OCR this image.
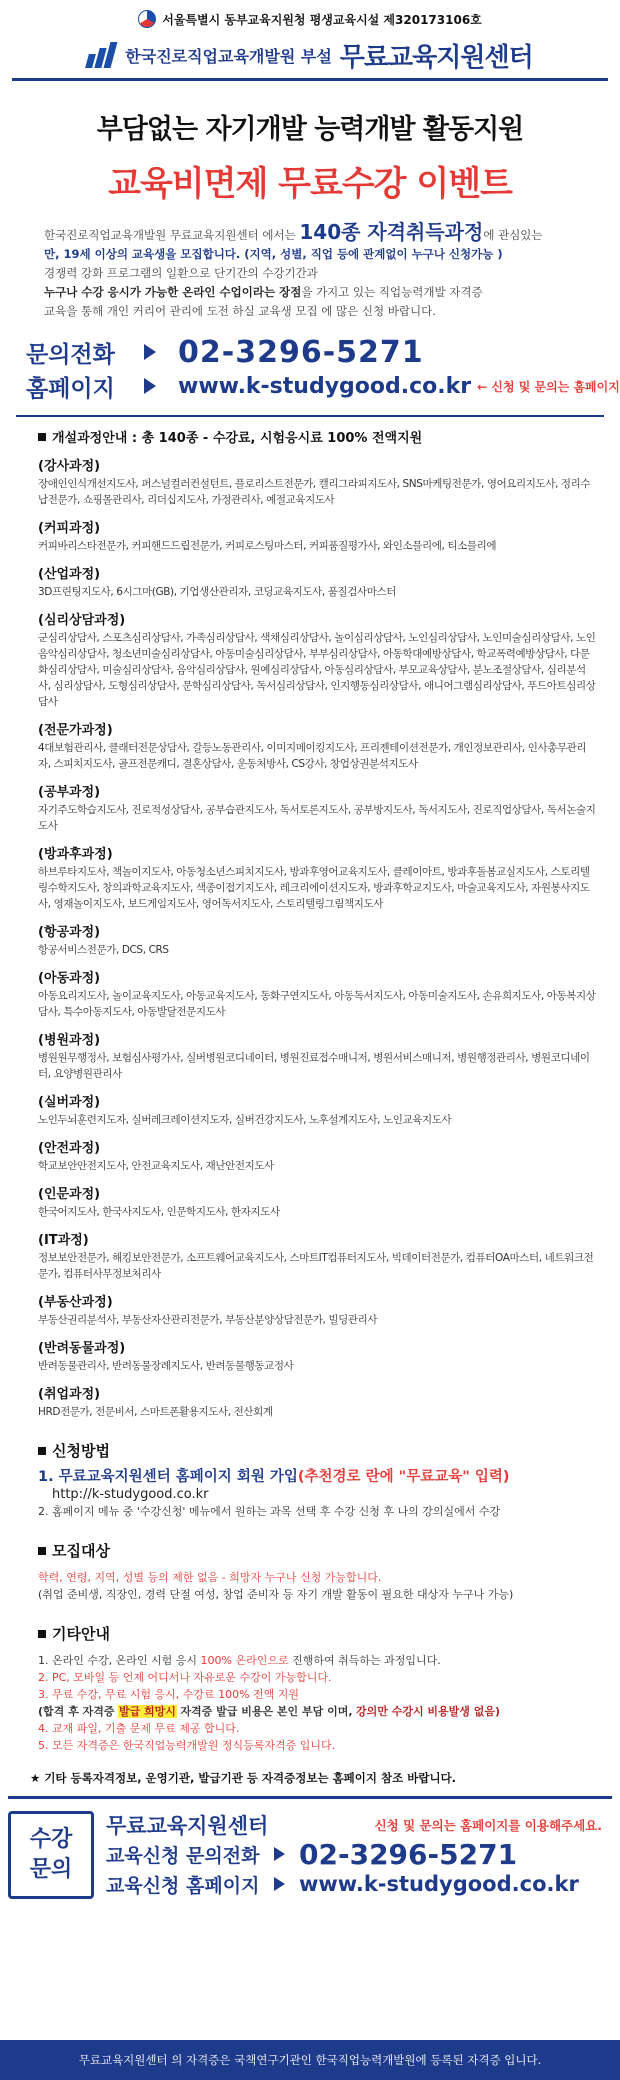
서울특별시 동부교육지원청 평생교육시설 제320173106호
한국진로직업교육개발원 부설 무료교육지원센터
부담없는 자기개발 능력개발 활동지원
교육비면제 무료수강 이벤트
한국진로직업교육개발원 무료교육지원센터 에서는 140종 자격취득과정에 관심있는
만, 19세 이상의 교육생을 모집합니다. (지역, 성별, 직업 등에 관계없이 누구나 신청가능 )
경쟁력 강화 프로그램의 일환으로 단기간의 수강기간과
누구나 수강 응시가 가능한 온라인 수업이라는 장점을 가지고 있는 직업능력개발 자격증
교육을 통해 개인 커리어 관리에 도전 하실 교육생 모집 에 많은 신청 바랍니다.
문의전화	02-3296-5271
홈페이지	www.k-studygood.co.kr ← 신청 및 문의는 홈페이지
개설과정안내 : 총 140종 - 수강료, 시험응시료 100% 전액지원
(강사과정)
장애인인식개선지도사, 퍼스널컬러컨설턴트, 플로리스트전문가, 캘리그라피지도사, SNS마케팅전문가, 영어요리지도사, 정리수납전문가, 쇼핑몰관리사, 리더십지도사, 가정관리사, 예절교육지도사
(커피과정)
커피바리스타전문가, 커피핸드드립전문가, 커피로스팅마스터, 커피품질평가사, 와인소믈리에, 티소믈리에
(산업과정)
3D프린팅지도사, 6시그마(GB), 기업생산관리자, 코딩교육지도사, 품질검사마스터
(심리상담과정)
군심리상담사, 스포츠심리상담사, 가족심리상담사, 색채심리상담사, 놀이심리상담사, 노인심리상담사, 노인미술심리상담사, 노인음악심리상담사, 청소년미술심리상담사, 아동미술심리상담사, 부부심리상담사, 아동학대예방상담사, 학교폭력예방상담사, 다문화심리상담사, 미술심리상담사, 음악심리상담사, 원예심리상담사, 아동심리상담사, 부모교육상담사, 분노조절상담사, 심리분석사, 심리상담사, 도형심리상담사, 문학심리상담사, 독서심리상담사, 인지행동심리상담사, 애니어그램심리상담사, 푸드아트심리상담사
(전문가과정)
4대보험관리사, 클래터전문상담사, 갈등노동관리사, 이미지메이킹지도사, 프리젠테이션전문가, 개인정보관리사, 인사총무관리자, 스피치지도사, 골프전문캐디, 결혼상담사, 운동처방사, CS강사, 창업상권분석지도사
(공부과정)
자기주도학습지도사, 진로적성상담사, 공부습관지도사, 독서토론지도사, 공부방지도사, 독서지도사, 진로직업상담사, 독서논술지도사
(방과후과정)
하브루타지도사, 책놀이지도사, 아동청소년스피치지도사, 방과후영어교육지도사, 클레이아트, 방과후돌봄교실지도사, 스토리텔링수학지도사, 창의과학교육지도사, 색종이접기지도사, 레크리에이션지도자, 방과후학교지도사, 마술교육지도사, 자원봉사지도사, 영재놀이지도사, 보드게임지도사, 영어독서지도사, 스토리텔링그림책지도사
(항공과정)
항공서비스전문가, DCS, CRS
(아동과정)
아동요리지도사, 놀이교육지도사, 아동교육지도사, 동화구연지도사, 아동독서지도사, 아동미술지도사, 손유희지도사, 아동복지상담사, 특수아동지도사, 아동발달전문지도사
(병원과정)
병원원무행정사, 보험심사평가사, 실버병원코디네이터, 병원진료접수매니저, 병원서비스매니저, 병원행정관리사, 병원코디네이터, 요양병원관리사
(실버과정)
노인두뇌훈련지도자, 실버레크레이션지도자, 실버건강지도사, 노후설계지도사, 노인교육지도사
(안전과정)
학교보안안전지도사, 안전교육지도사, 재난안전지도사
(인문과정)
한국어지도사, 한국사지도사, 인문학지도사, 한자지도사
(IT과정)
정보보안전문가, 해킹보안전문가, 소프트웨어교육지도사, 스마트IT컴퓨터지도사, 빅데이터전문가, 컴퓨터OA마스터, 네트워크전문가, 컴퓨터사무정보처리사
(부동산과정)
부동산권리분석사, 부동산자산관리전문가, 부동산분양상담전문가, 빌딩관리사
(반려동물과정)
반려동물관리사, 반려동물장례지도사, 반려동물행동교정사
(취업과정)
HRD전문가, 전문비서, 스마트폰활용지도사, 전산회계
신청방법
1. 무료교육지원센터 홈페이지 회원 가입(추천경로 란에 "무료교육" 입력)
http://k-studygood.co.kr
2. 홈페이지 메뉴 중 '수강신청' 메뉴에서 원하는 과목 선택 후 수강 신청 후 나의 강의실에서 수강
모집대상
학력, 연령, 지역, 성별 등의 제한 없음 - 희망자 누구나 신청 가능합니다.
(취업 준비생, 직장인, 경력 단절 여성, 창업 준비자 등 자기 개발 활동이 필요한 대상자 누구나 가능)
기타안내
1. 온라인 수강, 온라인 시험 응시 100% 온라인으로 진행하여 취득하는 과정입니다.
2. PC, 모바일 등 언제 어디서나 자유로운 수강이 가능합니다.
3. 무료 수강, 무료 시험 응시, 수강료 100% 전액 지원
(합격 후 자격증 발급 희망시 자격증 발급 비용은 본인 부담 이며, 강의만 수강시 비용발생 없음)
4. 교재 파일, 기출 문제 무료 제공 합니다.
5. 모든 자격증은 한국직업능력개발원 정식등록자격증 입니다.
★ 기타 등록자격정보, 운영기관, 발급기관 등 자격증정보는 홈페이지 참조 바랍니다.
수강
문의
무료교육지원센터	신청 및 문의는 홈페이지를 이용해주세요.
교육신청 문의전화	02-3296-5271
교육신청 홈페이지	www.k-studygood.co.kr
무료교육지원센터 의 자격증은 국책연구기관인 한국직업능력개발원에 등록된 자격증 입니다.
